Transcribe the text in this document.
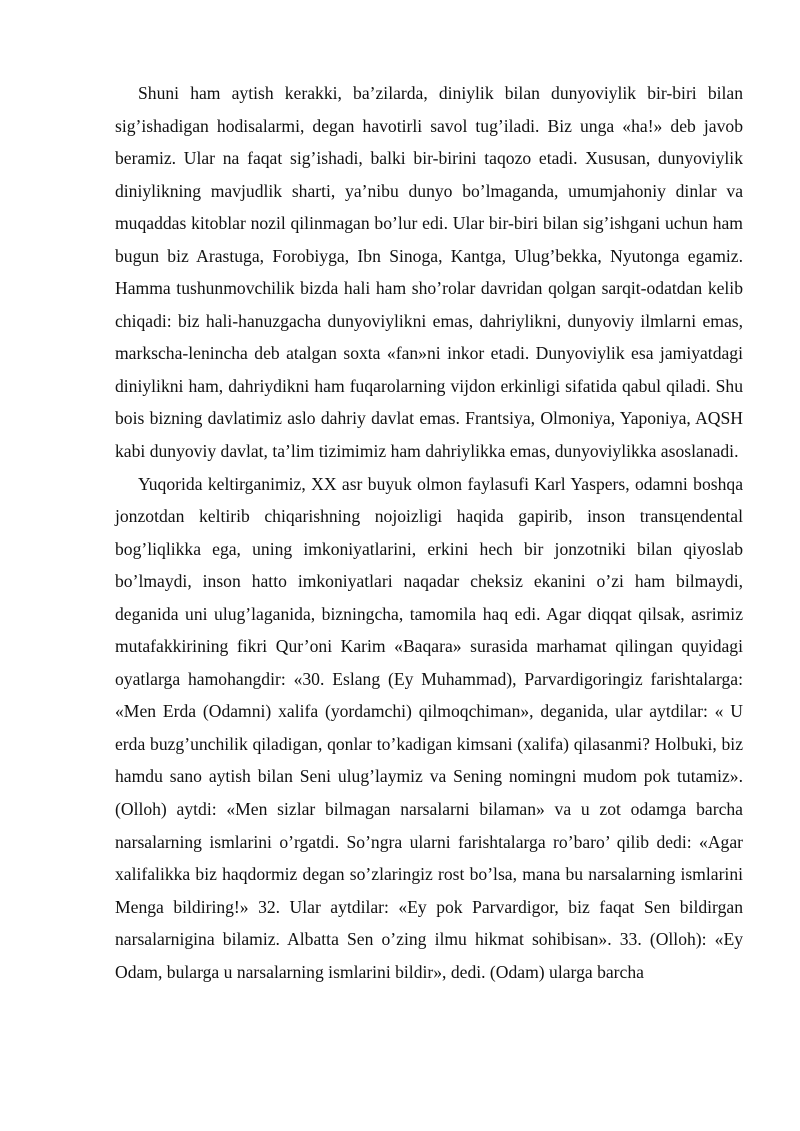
Shuni ham aytish kerakki, ba’zilarda, diniylik bilan dunyoviylik bir-biri bilan sig’ishadigan hodisalarmi, degan havotirli savol tug’iladi. Biz unga «ha!» deb javob beramiz. Ular na faqat sig’ishadi, balki bir-birini taqozo etadi. Xususan, dunyoviylik diniylikning mavjudlik sharti, ya’nibu dunyo bo’lmaganda, umumjahoniy dinlar va muqaddas kitoblar nozil qilinmagan bo’lur edi. Ular bir-biri bilan sig’ishgani uchun ham bugun biz Arastuga, Forobiyga, Ibn Sinoga, Kantga, Ulug’bekka, Nyutonga egamiz. Hamma tushunmovchilik bizda hali ham sho’rolar davridan qolgan sarqit-odatdan kelib chiqadi: biz hali-hanuzgacha dunyoviylikni emas, dahriylikni, dunyoviy ilmlarni emas, markscha-lenincha deb atalgan soxta «fan»ni inkor etadi. Dunyoviylik esa jamiyatdagi diniylikni ham, dahriydikni ham fuqarolarning vijdon erkinligi sifatida qabul qiladi. Shu bois bizning davlatimiz aslo dahriy davlat emas. Frantsiya, Olmoniya, Yaponiya, AQSH kabi dunyoviy davlat, ta’lim tizimimiz ham dahriylikka emas, dunyoviylikka asoslanadi.

Yuqorida keltirganimiz, XX asr buyuk olmon faylasufi Karl Yaspers, odamni boshqa jonzotdan keltirib chiqarishning nojoizligi haqida gapirib, inson transцendental bog’liqlikka ega, uning imkoniyatlarini, erkini hech bir jonzotniki bilan qiyoslab bo’lmaydi, inson hatto imkoniyatlari naqadar cheksiz ekanini o’zi ham bilmaydi, deganida uni ulug’laganida, bizningcha, tamomila haq edi. Agar diqqat qilsak, asrimiz mutafakkirining fikri Qur’oni Karim «Baqara» surasida marhamat qilingan quyidagi oyatlarga hamohangdir: «30. Eslang (Ey Muhammad), Parvardigoringiz farishtalarga: «Men Erda (Odamni) xalifa (yordamchi) qilmoqchiman», deganida, ular aytdilar: « U erda buzg’unchilik qiladigan, qonlar to’kadigan kimsani (xalifa) qilasanmi? Holbuki, biz hamdu sano aytish bilan Seni ulug’laymiz va Sening nomingni mudom pok tutamiz». (Olloh) aytdi: «Men sizlar bilmagan narsalarni bilaman» va u zot odamga barcha narsalarning ismlarini o’rgatdi. So’ngra ularni farishtalarga ro’baro’ qilib dedi: «Agar xalifalikka biz haqdormiz degan so’zlaringiz rost bo’lsa, mana bu narsalarning ismlarini Menga bildiring!» 32. Ular aytdilar: «Ey pok Parvardigor, biz faqat Sen bildirgan narsalarnigina bilamiz. Albatta Sen o’zing ilmu hikmat sohibisan». 33. (Olloh): «Ey Odam, bularga u narsalarning ismlarini bildir», dedi. (Odam) ularga barcha
